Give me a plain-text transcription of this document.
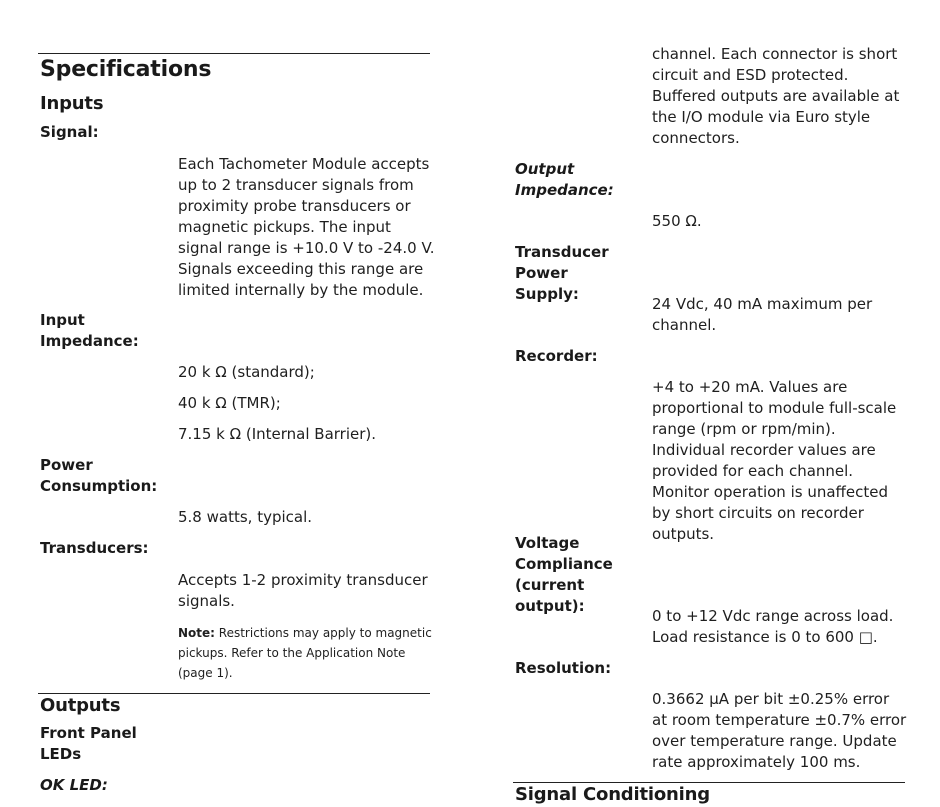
Specifications
Inputs
Signal:

Each Tachometer Module accepts up to 2 transducer signals from proximity probe transducers or magnetic pickups. The input signal range is +10.0 V to -24.0 V. Signals exceeding this range are limited internally by the module.

Input Impedance:
20 k Ω (standard);
40 k Ω (TMR);
7.15 k Ω (Internal Barrier).
Power Consumption:
5.8 watts, typical.
Transducers:

Accepts 1-2 proximity transducer signals.

Note: Restrictions may apply to magnetic pickups. Refer to the Application Note (page 1).

Outputs
Front Panel LEDs
OK LED:

channel. Each connector is short circuit and ESD protected. Buffered outputs are available at the I/O module via Euro style connectors.

Output Impedance:
550 Ω.
Transducer Power Supply:

24 Vdc, 40 mA maximum per channel.

Recorder:

+4 to +20 mA. Values are proportional to module full-scale range (rpm or rpm/min). Individual recorder values are provided for each channel. Monitor operation is unaffected by short circuits on recorder outputs.

Voltage Compliance (current output):

0 to +12 Vdc range across load. Load resistance is 0 to 600 □.

Resolution:

0.3662 μA per bit ±0.25% error at room temperature ±0.7% error over temperature range. Update rate approximately 100 ms.

Signal Conditioning
